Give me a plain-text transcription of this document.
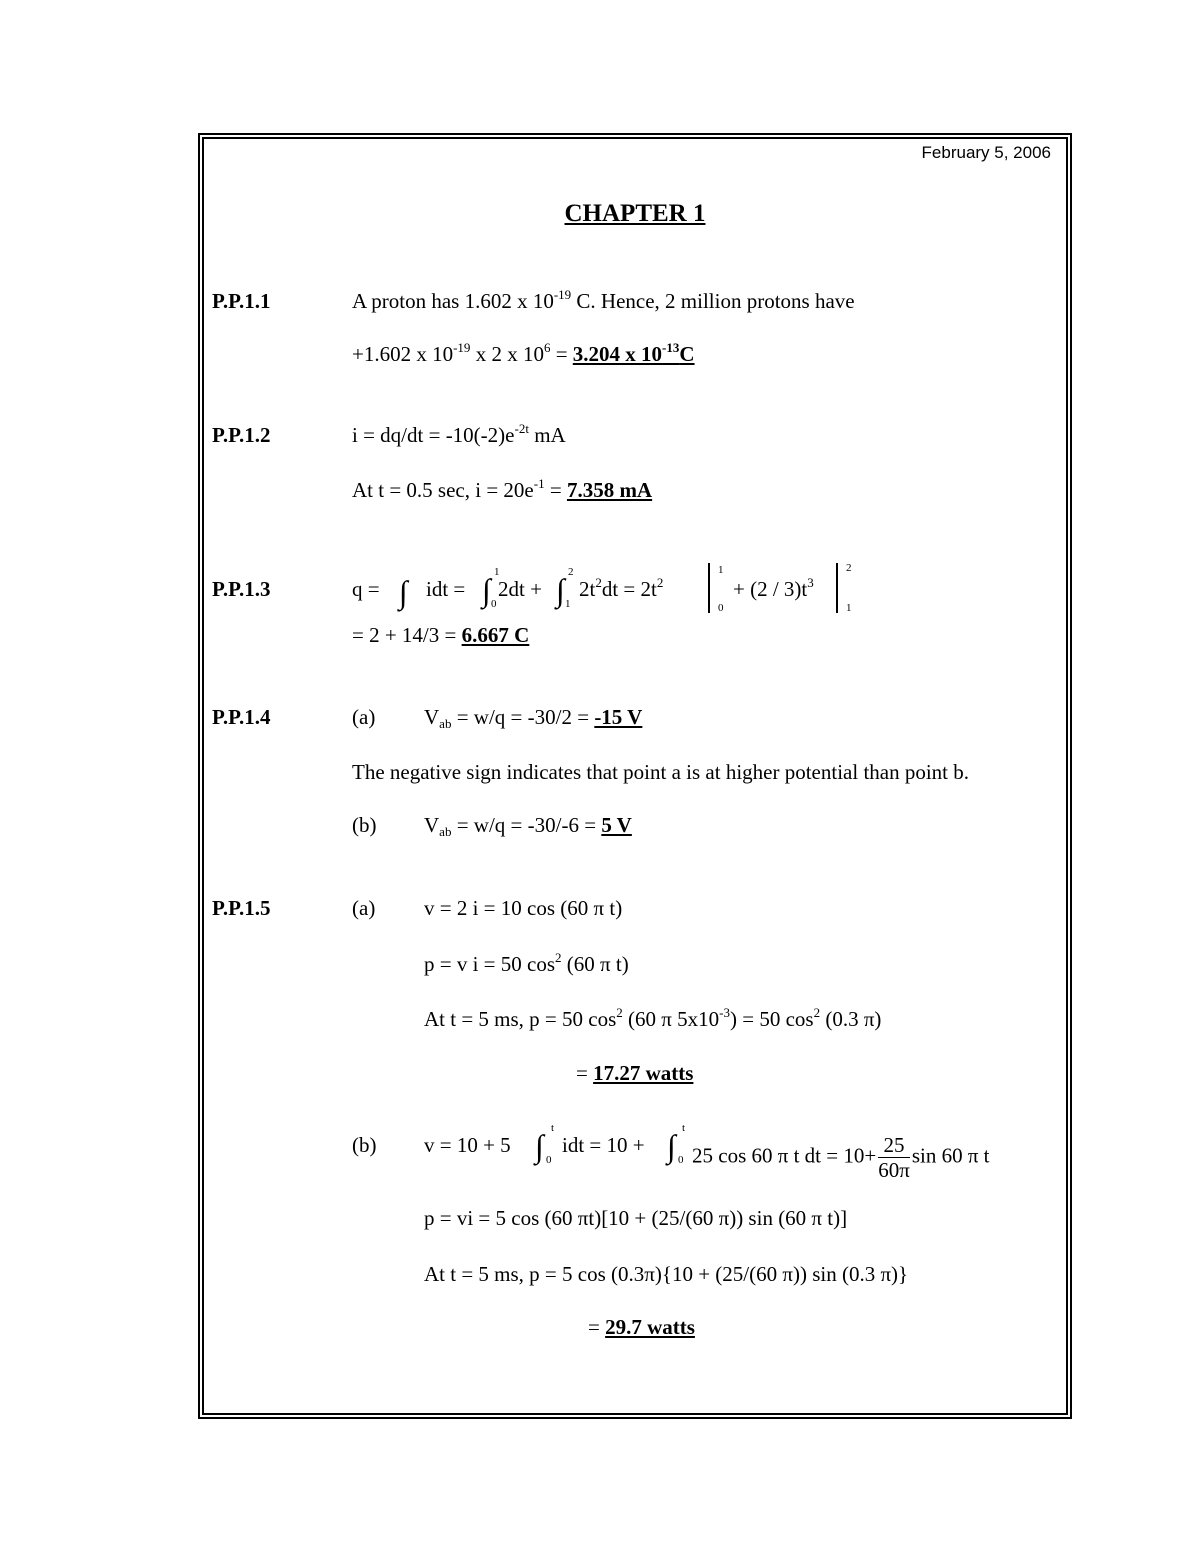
February 5, 2006
CHAPTER 1
P.P.1.1	A proton has 1.602 x $10^{-19}$ C. Hence, 2 million protons have
+1.602 x $10^{-19}$ x 2 x $10^6 = 3.204$ x $10^{-13}C$
P.P.1.2	$i = dq/dt = -10(-2)e^{-2t}$ mA
At t = 0.5 sec, $i = 20e^{-1} = 7.358$ mA
P.P.1.3	q = ∫ idt = ∫ 0
1
2dt + ∫ 1
2
$2t^2dt = 2t^2$
1
0
+ $(2 / 3)t^3$
2
1
= 2 + 14/3 = 6.667 C
P.P.1.4	(a) $V_{ab} = w/q = -30/2 = -15$ V
The negative sign indicates that point a is at higher potential than point b.
(b) $V_{ab} = w/q = -30/-6 = 5$ V
P.P.1.5	(a) v = 2 i = 10 cos (60 π t)
p = v i = 50 $\cos^2 (60$ π t)
At t = 5 ms, p = 50 $\cos^2 (60$ π $5x10^{-3}) = 50$ $\cos^2 (0.3$ π)
= 17.27 watts
(b) v = 10 + 5 ∫ t
0
idt = 10 + ∫ t
0 25 cos 60 π t dt = $10+ \frac{25}{60\pi}$ sin 60 π t
p = vi = 5 cos (60 πt)[10 + (25/(60 π)) sin (60 π t)]
At t = 5 ms, p = 5 cos (0.3π){10 + (25/(60 π)) sin (0.3 π)}
= 29.7 watts
